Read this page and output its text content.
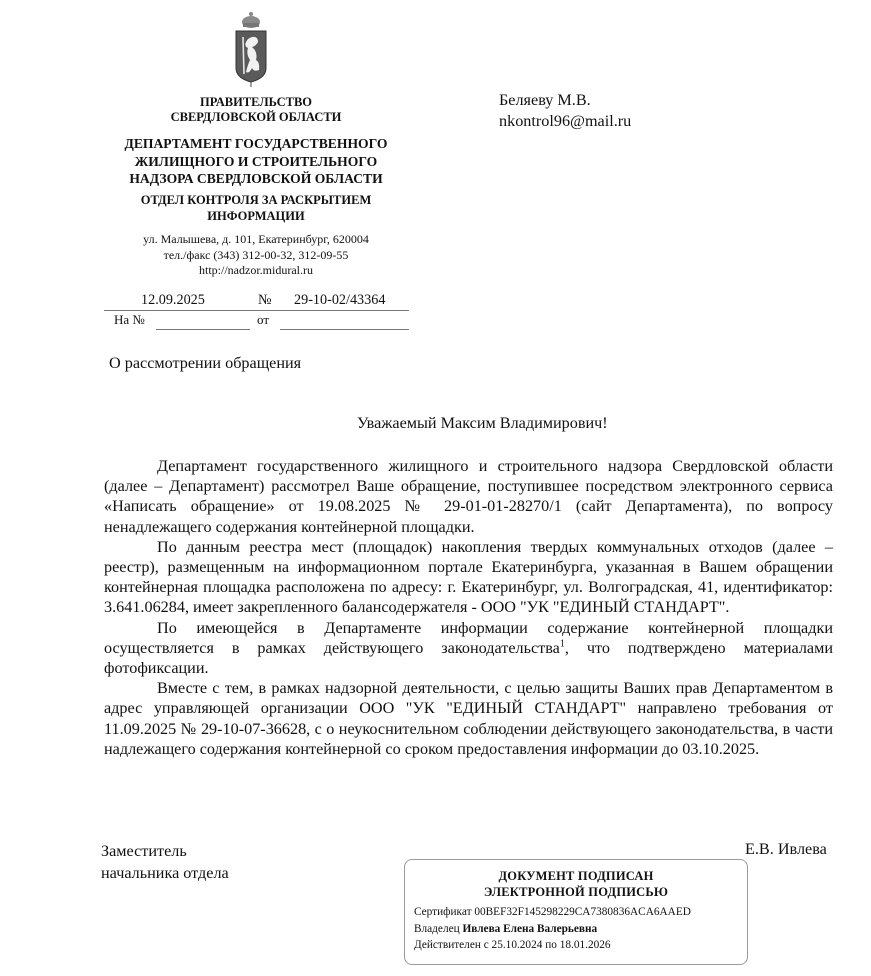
ПРАВИТЕЛЬСТВО
СВЕРДЛОВСКОЙ ОБЛАСТИ
ДЕПАРТАМЕНТ ГОСУДАРСТВЕННОГО
ЖИЛИЩНОГО И СТРОИТЕЛЬНОГО
НАДЗОРА СВЕРДЛОВСКОЙ ОБЛАСТИ
ОТДЕЛ КОНТРОЛЯ ЗА РАСКРЫТИЕМ
ИНФОРМАЦИИ
ул. Малышева, д. 101, Екатеринбург, 620004
тел./факс (343) 312-00-32, 312-09-55
http://nadzor.midural.ru
12.09.2025	№ 29-10-02/43364
На №	от
Беляеву М.В.
nkontrol96@mail.ru
О рассмотрении обращения
Уважаемый Максим Владимирович!

Департамент государственного жилищного и строительного надзора Свердловской области (далее – Департамент) рассмотрел Ваше обращение, поступившее посредством электронного сервиса «Написать обращение» от 19.08.2025 № 29-01-01-28270/1 (сайт Департамента), по вопросу ненадлежащего содержания контейнерной площадки.

По данным реестра мест (площадок) накопления твердых коммунальных отходов (далее – реестр), размещенным на информационном портале Екатеринбурга, указанная в Вашем обращении контейнерная площадка расположена по адресу: г. Екатеринбург, ул. Волгоградская, 41, идентификатор: 3.641.06284, имеет закрепленного балансодержателя - ООО "УК "ЕДИНЫЙ СТАНДАРТ".

По имеющейся в Департаменте информации содержание контейнерной площадки осуществляется в рамках действующего законодательства$^1$, что подтверждено материалами фотофиксации.

Вместе с тем, в рамках надзорной деятельности, с целью защиты Ваших прав Департаментом в адрес управляющей организации ООО "УК "ЕДИНЫЙ СТАНДАРТ" направлено требования от 11.09.2025 № 29-10-07-36628, с о неукоснительном соблюдении действующего законодательства, в части надлежащего содержания контейнерной со сроком предоставления информации до 03.10.2025.

Заместитель
начальника отдела
Е.В. Ивлева
ДОКУМЕНТ ПОДПИСАН
ЭЛЕКТРОННОЙ ПОДПИСЬЮ
Сертификат 00BEF32F145298229CA7380836ACA6AAED
Владелец Ивлева Елена Валерьевна
Действителен с 25.10.2024 по 18.01.2026
